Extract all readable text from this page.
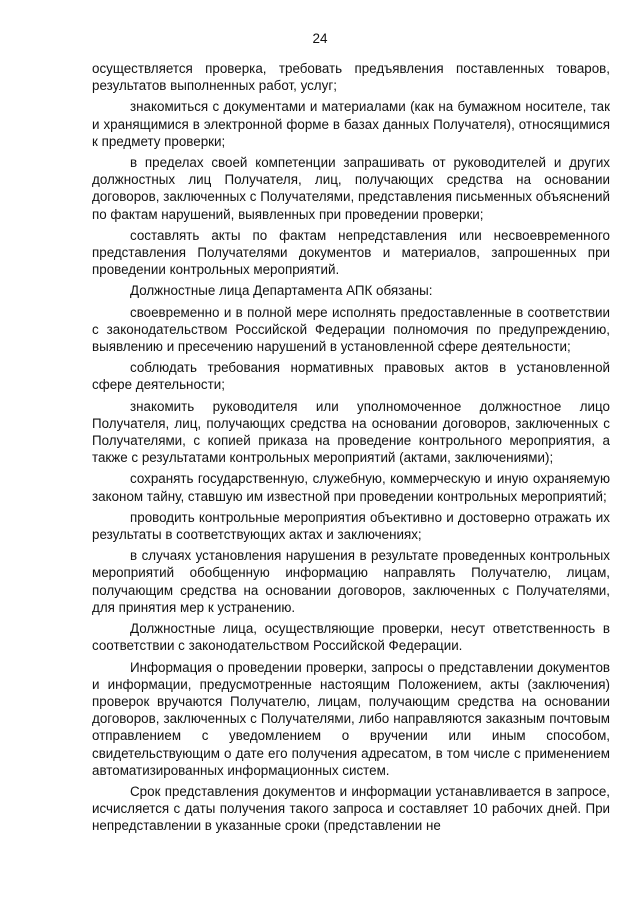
24

осуществляется проверка, требовать предъявления поставленных товаров, результатов выполненных работ, услуг;

знакомиться с документами и материалами (как на бумажном носителе, так и хранящимися в электронной форме в базах данных Получателя), относящимися к предмету проверки;

в пределах своей компетенции запрашивать от руководителей и других должностных лиц Получателя, лиц, получающих средства на основании договоров, заключенных с Получателями, представления письменных объяснений по фактам нарушений, выявленных при проведении проверки;

составлять акты по фактам непредставления или несвоевременного представления Получателями документов и материалов, запрошенных при проведении контрольных мероприятий.

Должностные лица Департамента АПК обязаны:

своевременно и в полной мере исполнять предоставленные в соответствии с законодательством Российской Федерации полномочия по предупреждению, выявлению и пресечению нарушений в установленной сфере деятельности;

соблюдать требования нормативных правовых актов в установленной сфере деятельности;

знакомить руководителя или уполномоченное должностное лицо Получателя, лиц, получающих средства на основании договоров, заключенных с Получателями, с копией приказа на проведение контрольного мероприятия, а также с результатами контрольных мероприятий (актами, заключениями);

сохранять государственную, служебную, коммерческую и иную охраняемую законом тайну, ставшую им известной при проведении контрольных мероприятий;

проводить контрольные мероприятия объективно и достоверно отражать их результаты в соответствующих актах и заключениях;

в случаях установления нарушения в результате проведенных контрольных мероприятий обобщенную информацию направлять Получателю, лицам, получающим средства на основании договоров, заключенных с Получателями, для принятия мер к устранению.

Должностные лица, осуществляющие проверки, несут ответственность в соответствии с законодательством Российской Федерации.

Информация о проведении проверки, запросы о представлении документов и информации, предусмотренные настоящим Положением, акты (заключения) проверок вручаются Получателю, лицам, получающим средства на основании договоров, заключенных с Получателями, либо направляются заказным почтовым отправлением с уведомлением о вручении или иным способом, свидетельствующим о дате его получения адресатом, в том числе с применением автоматизированных информационных систем.

Срок представления документов и информации устанавливается в запросе, исчисляется с даты получения такого запроса и составляет 10 рабочих дней. При непредставлении в указанные сроки (представлении не
